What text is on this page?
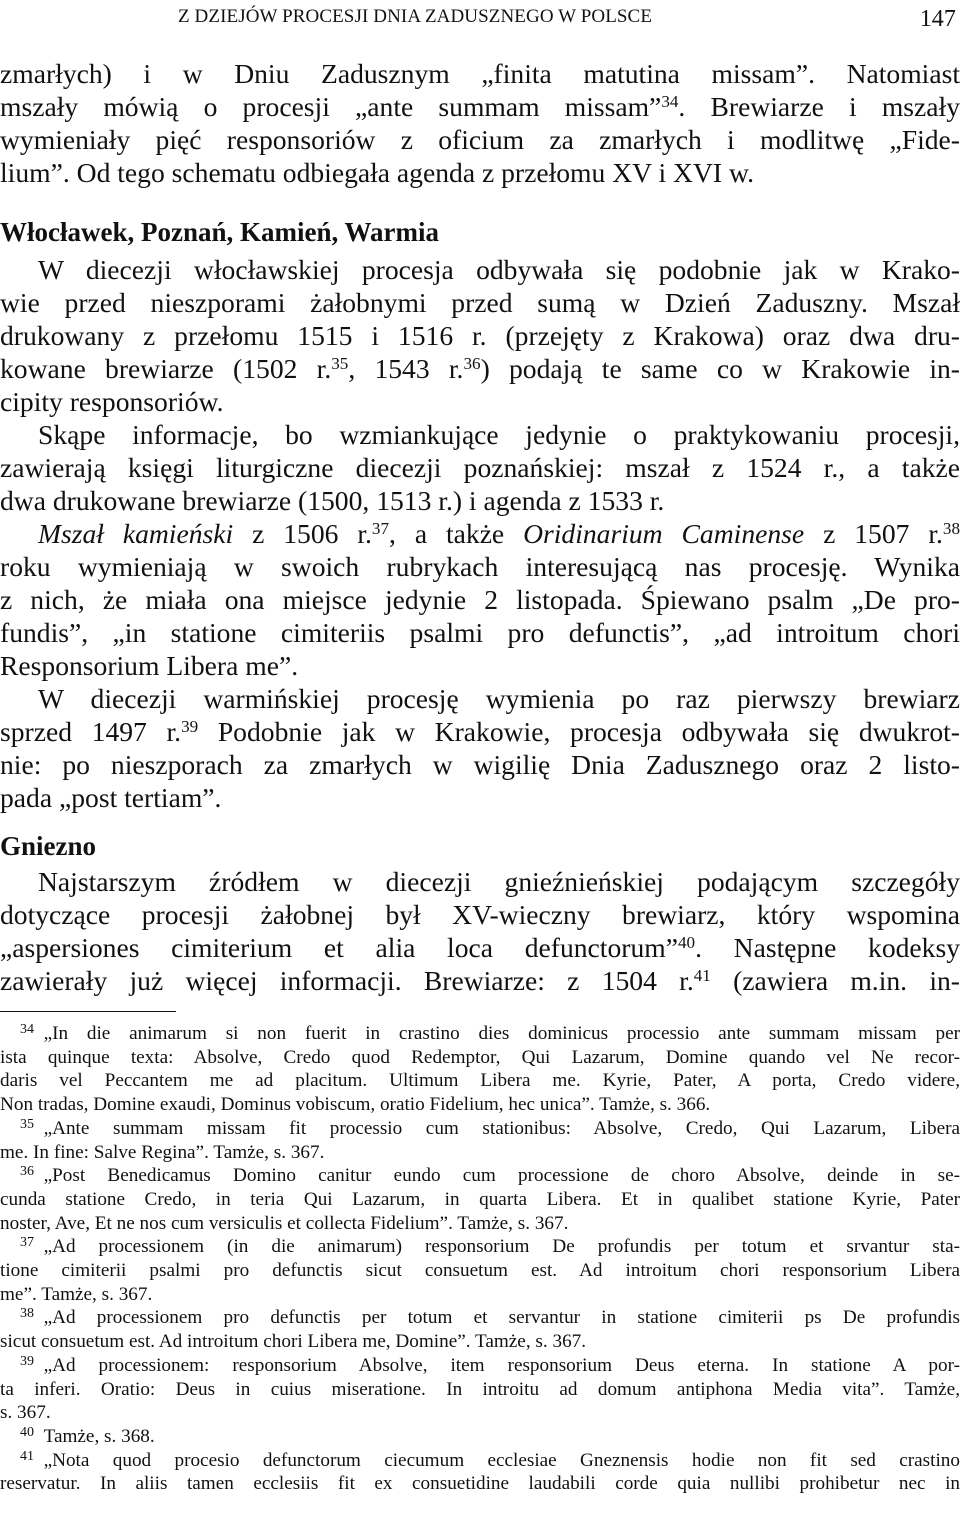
Z DZIEJÓW PROCESJI DNIA ZADUSZNEGO W POLSCE	147
zmarłych) i w Dniu Zadusznym „finita matutina missam”. Natomiast
mszały mówią o procesji „ante summam missam”$^{34}$. Brewiarze i mszały
wymieniały pięć responsoriów z oficium za zmarłych i modlitwę „Fide-
lium”. Od tego schematu odbiegała agenda z przełomu XV i XVI w.
Włocławek, Poznań, Kamień, Warmia
W diecezji włocławskiej procesja odbywała się podobnie jak w Krako-
wie przed nieszporami żałobnymi przed sumą w Dzień Zaduszny. Mszał
drukowany z przełomu 1515 i 1516 r. (przejęty z Krakowa) oraz dwa dru-
kowane brewiarze (1502 r.$^{35}$, 1543 r.$^{36}$) podają te same co w Krakowie in-
cipity responsoriów.
Skąpe informacje, bo wzmiankujące jedynie o praktykowaniu procesji,
zawierają księgi liturgiczne diecezji poznańskiej: mszał z 1524 r., a także
dwa drukowane brewiarze (1500, 1513 r.) i agenda z 1533 r.
Mszał kamieński z 1506 r.$^{37}$, a także Oridinarium Caminense z 1507 r.$^{38}$
roku wymieniają w swoich rubrykach interesującą nas procesję. Wynika
z nich, że miała ona miejsce jedynie 2 listopada. Śpiewano psalm „De pro-
fundis”, „in statione cimiteriis psalmi pro defunctis”, „ad introitum chori
Responsorium Libera me”.
W diecezji warmińskiej procesję wymienia po raz pierwszy brewiarz
sprzed 1497 r.$^{39}$ Podobnie jak w Krakowie, procesja odbywała się dwukrot-
nie: po nieszporach za zmarłych w wigilię Dnia Zadusznego oraz 2 listo-
pada „post tertiam”.
Gniezno
Najstarszym źródłem w diecezji gnieźnieńskiej podającym szczegóły
dotyczące procesji żałobnej był XV-wieczny brewiarz, który wspomina
„aspersiones cimiterium et alia loca defunctorum”$^{40}$. Następne kodeksy
zawierały już więcej informacji. Brewiarze: z 1504 r.$^{41}$ (zawiera m.in. in-
$^{34}$  „In die animarum si non fuerit in crastino dies dominicus processio ante summam missam per
ista quinque texta: Absolve, Credo quod Redemptor, Qui Lazarum, Domine quando vel Ne recor-
daris vel Peccantem me ad placitum. Ultimum Libera me. Kyrie, Pater, A porta, Credo videre,
Non tradas, Domine exaudi, Dominus vobiscum, oratio Fidelium, hec unica”. Tamże, s. 366.
$^{35}$  „Ante summam missam fit processio cum stationibus: Absolve, Credo, Qui Lazarum, Libera
me. In fine: Salve Regina”. Tamże, s. 367.
$^{36}$  „Post Benedicamus Domino canitur eundo cum processione de choro Absolve, deinde in se-
cunda statione Credo, in teria Qui Lazarum, in quarta Libera. Et in qualibet statione Kyrie, Pater
noster, Ave, Et ne nos cum versiculis et collecta Fidelium”. Tamże, s. 367.
$^{37}$  „Ad processionem (in die animarum) responsorium De profundis per totum et srvantur sta-
tione cimiterii psalmi pro defunctis sicut consuetum est. Ad introitum chori responsorium Libera
me”. Tamże, s. 367.
$^{38}$  „Ad processionem pro defunctis per totum et servantur in statione cimiterii ps De profundis
sicut consuetum est. Ad introitum chori Libera me, Domine”. Tamże, s. 367.
$^{39}$  „Ad processionem: responsorium Absolve, item responsorium Deus eterna. In statione A por-
ta inferi. Oratio: Deus in cuius miseratione. In introitu ad domum antiphona Media vita”. Tamże,
s. 367.
$^{40}$  Tamże, s. 368.
$^{41}$  „Nota quod procesio defunctorum ciecumum ecclesiae Gneznensis hodie non fit sed crastino
reservatur. In aliis tamen ecclesiis fit ex consuetidine laudabili corde quia nullibi prohibetur nec in
